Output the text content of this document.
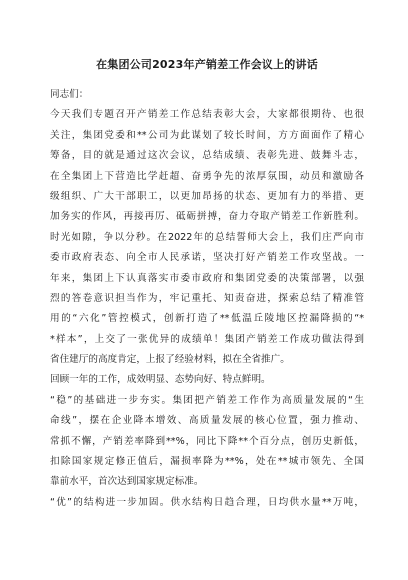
在集团公司2023年产销差工作会议上的讲话
同志们：
今天我们专题召开产销差工作总结表彰大会，大家都很期待、也很
关注，集团党委和**公司为此谋划了较长时间，方方面面作了精心
筹备，目的就是通过这次会议，总结成绩、表彰先进、鼓舞斗志，
在全集团上下营造比学赶超、奋勇争先的浓厚氛围，动员和激励各
级组织、广大干部职工，以更加昂扬的状态、更加有力的举措、更
加务实的作风，再接再厉、砥砺拼搏，奋力夺取产销差工作新胜利。
时光如隙，争以分秒。在2022年的总结誓师大会上，我们庄严向市
委市政府表态、向全市人民承诺，坚决打好产销差工作攻坚战。一
年来，集团上下认真落实市委市政府和集团党委的决策部署，以强
烈的答卷意识担当作为，牢记重托、知责奋进，探索总结了精准管
用的“六化”管控模式，创新打造了**低温丘陵地区控漏降损的“*
*样本”，上交了一张优异的成绩单！集团产销差工作成功做法得到
省住建厅的高度肯定，上报了经验材料，拟在全省推广。
回顾一年的工作，成效明显、态势向好、特点鲜明。
“稳”的基础进一步夯实。集团把产销差工作作为高质量发展的“生
命线”，摆在企业降本增效、高质量发展的核心位置，强力推动、
常抓不懈，产销差率降到**%，同比下降**个百分点，创历史新低，
扣除国家规定修正值后，漏损率降为**%，处在**城市领先、全国
靠前水平，首次达到国家规定标准。
“优”的结构进一步加固。供水结构日趋合理，日均供水量**万吨，
